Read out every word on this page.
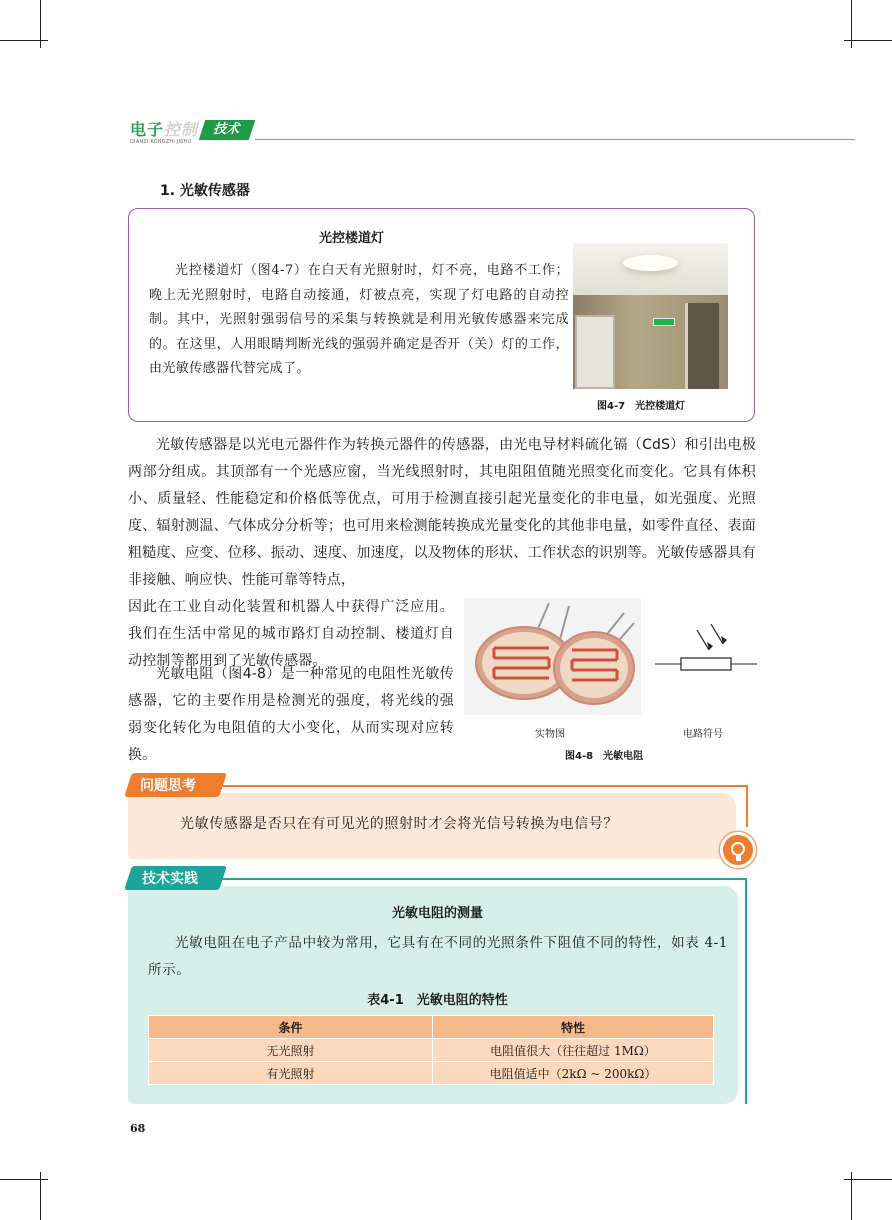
电子 控制	技术
DIANZI KONGZHI JISHU
1. 光敏传感器
光控楼道灯
光控楼道灯（图4-7）在白天有光照射时，灯不亮，电路不工作；晚上无光照射时，电路自动接通，灯被点亮，实现了灯电路的自动控制。其中，光照射强弱信号的采集与转换就是利用光敏传感器来完成的。在这里，人用眼睛判断光线的强弱并确定是否开（关）灯的工作，由光敏传感器代替完成了。
图4-7　光控楼道灯
光敏传感器是以光电元器件作为转换元器件的传感器，由光电导材料硫化镉（CdS）和引出电极两部分组成。其顶部有一个光感应窗，当光线照射时，其电阻阻值随光照变化而变化。它具有体积小、质量轻、性能稳定和价格低等优点，可用于检测直接引起光量变化的非电量，如光强度、光照度、辐射测温、气体成分分析等；也可用来检测能转换成光量变化的其他非电量，如零件直径、表面粗糙度、应变、位移、振动、速度、加速度，以及物体的形状、工作状态的识别等。光敏传感器具有非接触、响应快、性能可靠等特点，
因此在工业自动化装置和机器人中获得广泛应用。我们在生活中常见的城市路灯自动控制、楼道灯自动控制等都用到了光敏传感器。
光敏电阻（图4-8）是一种常见的电阻性光敏传感器，它的主要作用是检测光的强度，将光线的强弱变化转化为电阻值的大小变化，从而实现对应转换。
实物图	电路符号
图4-8　光敏电阻
问题思考
光敏传感器是否只在有可见光的照射时才会将光信号转换为电信号？
技术实践
光敏电阻的测量
光敏电阻在电子产品中较为常用，它具有在不同的光照条件下阻值不同的特性，如表 4-1 所示。
表4-1　光敏电阻的特性
条件	特性
无光照射	电阻值很大（往往超过 1MΩ）
有光照射	电阻值适中（2kΩ ~ 200kΩ）
68
